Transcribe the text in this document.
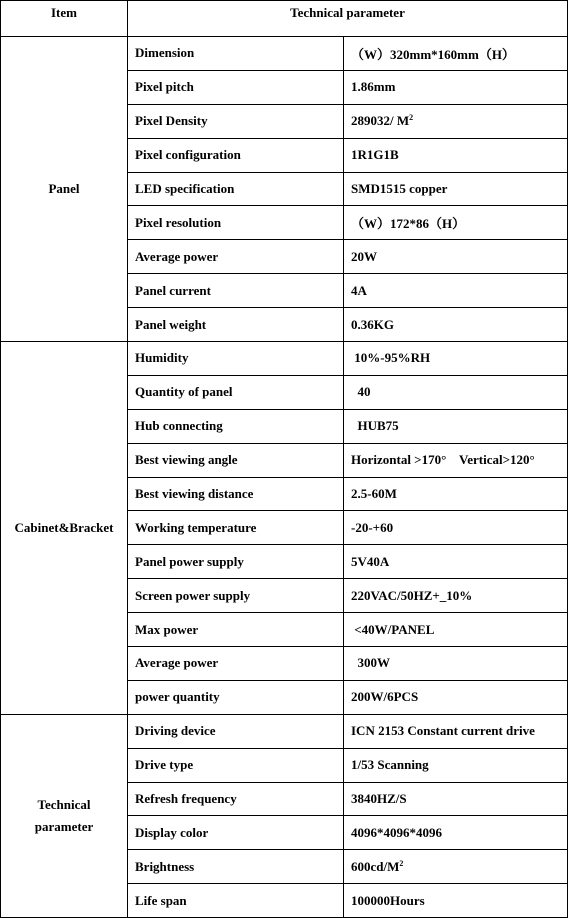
Item	Technical parameter	
Panel	Dimension	（W）320mm*160mm（H）
	Pixel pitch	1.86mm
	Pixel Density	289032/ $M^2$
	Pixel configuration	1R1G1B
	LED specification	SMD1515 copper
	Pixel resolution	（W）172*86（H）
	Average power	20W
	Panel current	4A
	Panel weight	0.36KG
Cabinet&Bracket	Humidity	10%-95%RH
	Quantity of panel	40
	Hub connecting	HUB75
	Best viewing angle	Horizontal >170°    Vertical>120°
	Best viewing distance	2.5-60M
	Working temperature	-20-+60
	Panel power supply	5V40A
	Screen power supply	220VAC/50HZ+_10%
	Max power	<40W/PANEL
	Average power	300W
	power quantity	200W/6PCS
Technical parameter	Driving device	ICN 2153 Constant current drive
	Drive type	1/53 Scanning
	Refresh frequency	3840HZ/S
	Display color	4096*4096*4096
	Brightness	$600cd/M^2$
	Life span	100000Hours
